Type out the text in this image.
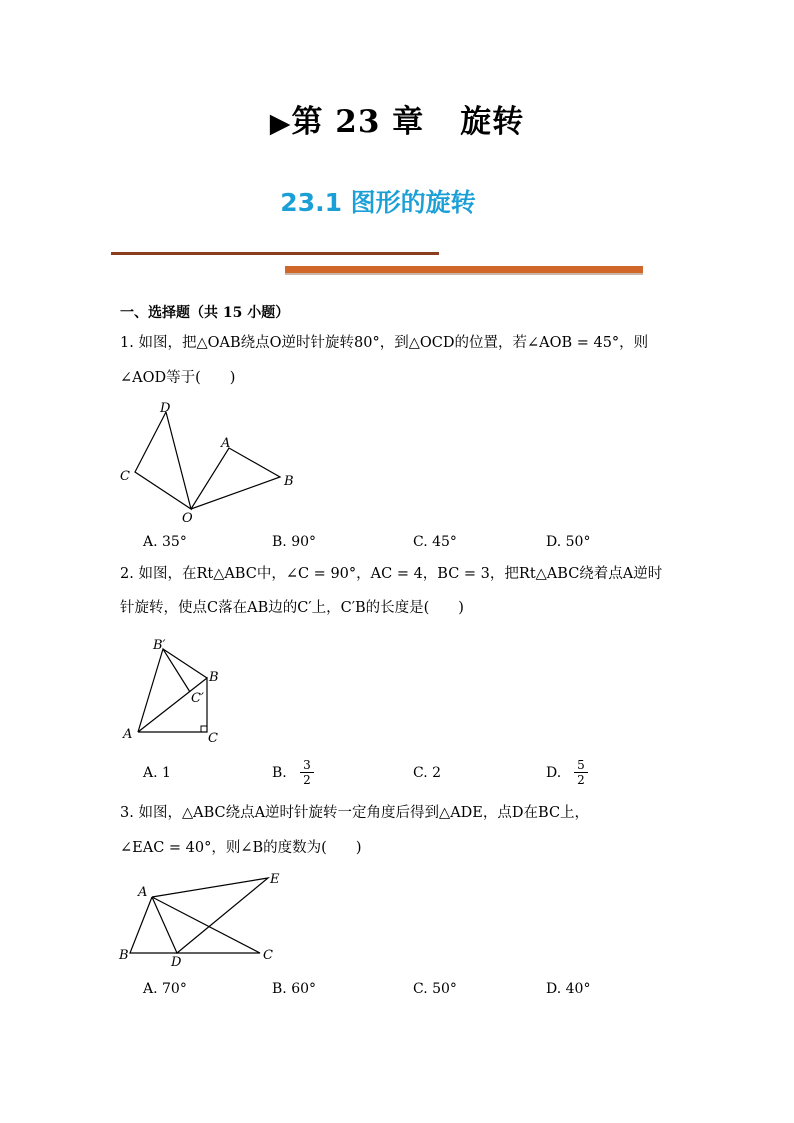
▶第 23 章 旋转
23.1 图形的旋转
一、选择题（共 15 小题）
1. 如图，把△OAB绕点O逆时针旋转80°，到△OCD的位置，若∠AOB = 45°，则
∠AOD等于(　　)
D
A
C	B
O
A. 35°	B. 90°	C. 45°	D. 50°
2. 如图，在Rt△ABC中，∠C = 90°，AC = 4，BC = 3，把Rt△ABC绕着点A逆时
针旋转，使点C落在AB边的C′上，C′B的长度是(　　)
B′
B
C′
A	C
A. 1	B. $\frac{3}{2}$	C. 2	D. $\frac{5}{2}$
3. 如图，△ABC绕点A逆时针旋转一定角度后得到△ADE，点D在BC上，
∠EAC = 40°，则∠B的度数为(　　)
A
E
B	D	C
A. 70°	B. 60°	C. 50°	D. 40°
